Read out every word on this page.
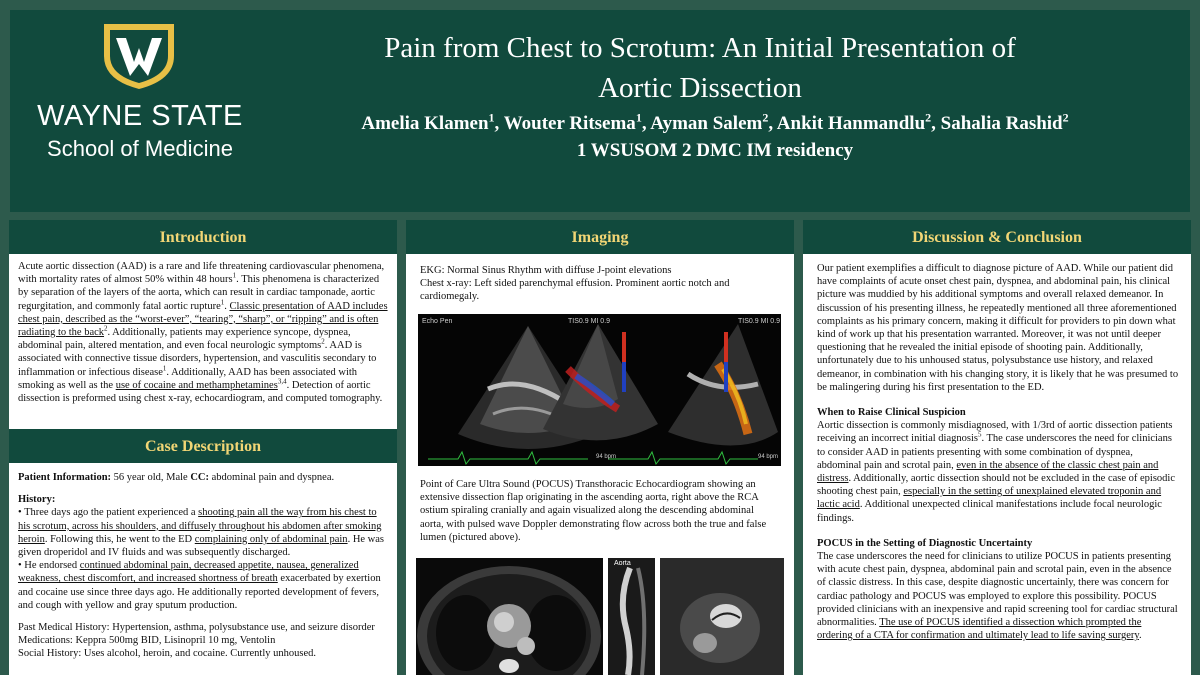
WAYNE STATE
School of Medicine
Pain from Chest to Scrotum: An Initial Presentation of
Aortic Dissection
Amelia Klamen$^1$, Wouter Ritsema$^1$, Ayman Salem$^2$, Ankit Hanmandlu$^2$, Sahalia Rashid$^2$
1 WSUSOM 2 DMC IM residency
Introduction

Acute aortic dissection (AAD) is a rare and life threatening cardiovascular phenomena, with mortality rates of almost 50% within 48 hours$^1$. This phenomena is characterized by separation of the layers of the aorta, which can result in cardiac tamponade, aortic regurgitation, and commonly fatal aortic rupture$^1$. Classic presentation of AAD includes chest pain, described as the “worst-ever”, “tearing”, “sharp”, or “ripping” and is often radiating to the back$^2$. Additionally, patients may experience syncope, dyspnea, abdominal pain, altered mentation, and even focal neurologic symptoms$^2$. AAD is associated with connective tissue disorders, hypertension, and vasculitis secondary to inflammation or infectious disease$^1$. Additionally, AAD has been associated with smoking as well as the use of cocaine and methamphetamines$^{3,4}$. Detection of aortic dissection is preformed using chest x-ray, echocardiogram, and computed tomography.

Case Description

Patient Information: 56 year old, Male CC: abdominal pain and dyspnea.

History:
• Three days ago the patient experienced a shooting pain all the way from his chest to his scrotum, across his shoulders, and diffusely throughout his abdomen after smoking heroin. Following this, he went to the ED complaining only of abdominal pain. He was given droperidol and IV fluids and was subsequently discharged.

• He endorsed continued abdominal pain, decreased appetite, nausea, generalized weakness, chest discomfort, and increased shortness of breath exacerbated by exertion and cocaine use since three days ago. He additionally reported development of fevers, and cough with yellow and gray sputum production.

Past Medical History: Hypertension, asthma, polysubstance use, and seizure disorder
Medications: Keppra 500mg BID, Lisinopril 10 mg, Ventolin
Social History: Uses alcohol, heroin, and cocaine. Currently unhoused.
Imaging
EKG: Normal Sinus Rhythm with diffuse J-point elevations
Chest x-ray: Left sided parenchymal effusion. Prominent aortic notch and cardiomegaly.
Echo Pen	TIS0.9 MI 0.9	TIS0.9 MI 0.9
94 bpm	94 bpm
Point of Care Ultra Sound (POCUS) Transthoracic Echocardiogram showing an extensive dissection flap originating in the ascending aorta, right above the RCA ostium spiraling cranially and again visualized along the descending abdominal aorta, with pulsed wave Doppler demonstrating flow across both the true and false lumen (pictured above).
Aorta
Discussion & Conclusion

Our patient exemplifies a difficult to diagnose picture of AAD. While our patient did have complaints of acute onset chest pain, dyspnea, and abdominal pain, his clinical picture was muddied by his additional symptoms and overall relaxed demeanor. In discussion of his presenting illness, he repeatedly mentioned all three aforementioned complaints as his primary concern, making it difficult for providers to pin down what kind of work up that his presentation warranted. Moreover, it was not until deeper questioning that he revealed the initial episode of shooting pain. Additionally, unfortunately due to his unhoused status, polysubstance use history, and relaxed demeanor, in combination with his changing story, it is likely that he was presumed to be malingering during his first presentation to the ED.

When to Raise Clinical Suspicion

Aortic dissection is commonly misdiagnosed, with 1/3rd of aortic dissection patients receiving an incorrect initial diagnosis$^5$. The case underscores the need for clinicians to consider AAD in patients presenting with some combination of dyspnea, abdominal pain and scrotal pain, even in the absence of the classic chest pain and distress. Additionally, aortic dissection should not be excluded in the case of episodic shooting chest pain, especially in the setting of unexplained elevated troponin and lactic acid. Additional unexpected clinical manifestations include focal neurologic findings.

POCUS in the Setting of Diagnostic Uncertainty

The case underscores the need for clinicians to utilize POCUS in patients presenting with acute chest pain, dyspnea, abdominal pain and scrotal pain, even in the absence of classic distress. In this case, despite diagnostic uncertainly, there was concern for cardiac pathology and POCUS was employed to explore this possibility. POCUS provided clinicians with an inexpensive and rapid screening tool for cardiac structural abnormalities. The use of POCUS identified a dissection which prompted the ordering of a CTA for confirmation and ultimately lead to life saving surgery.
